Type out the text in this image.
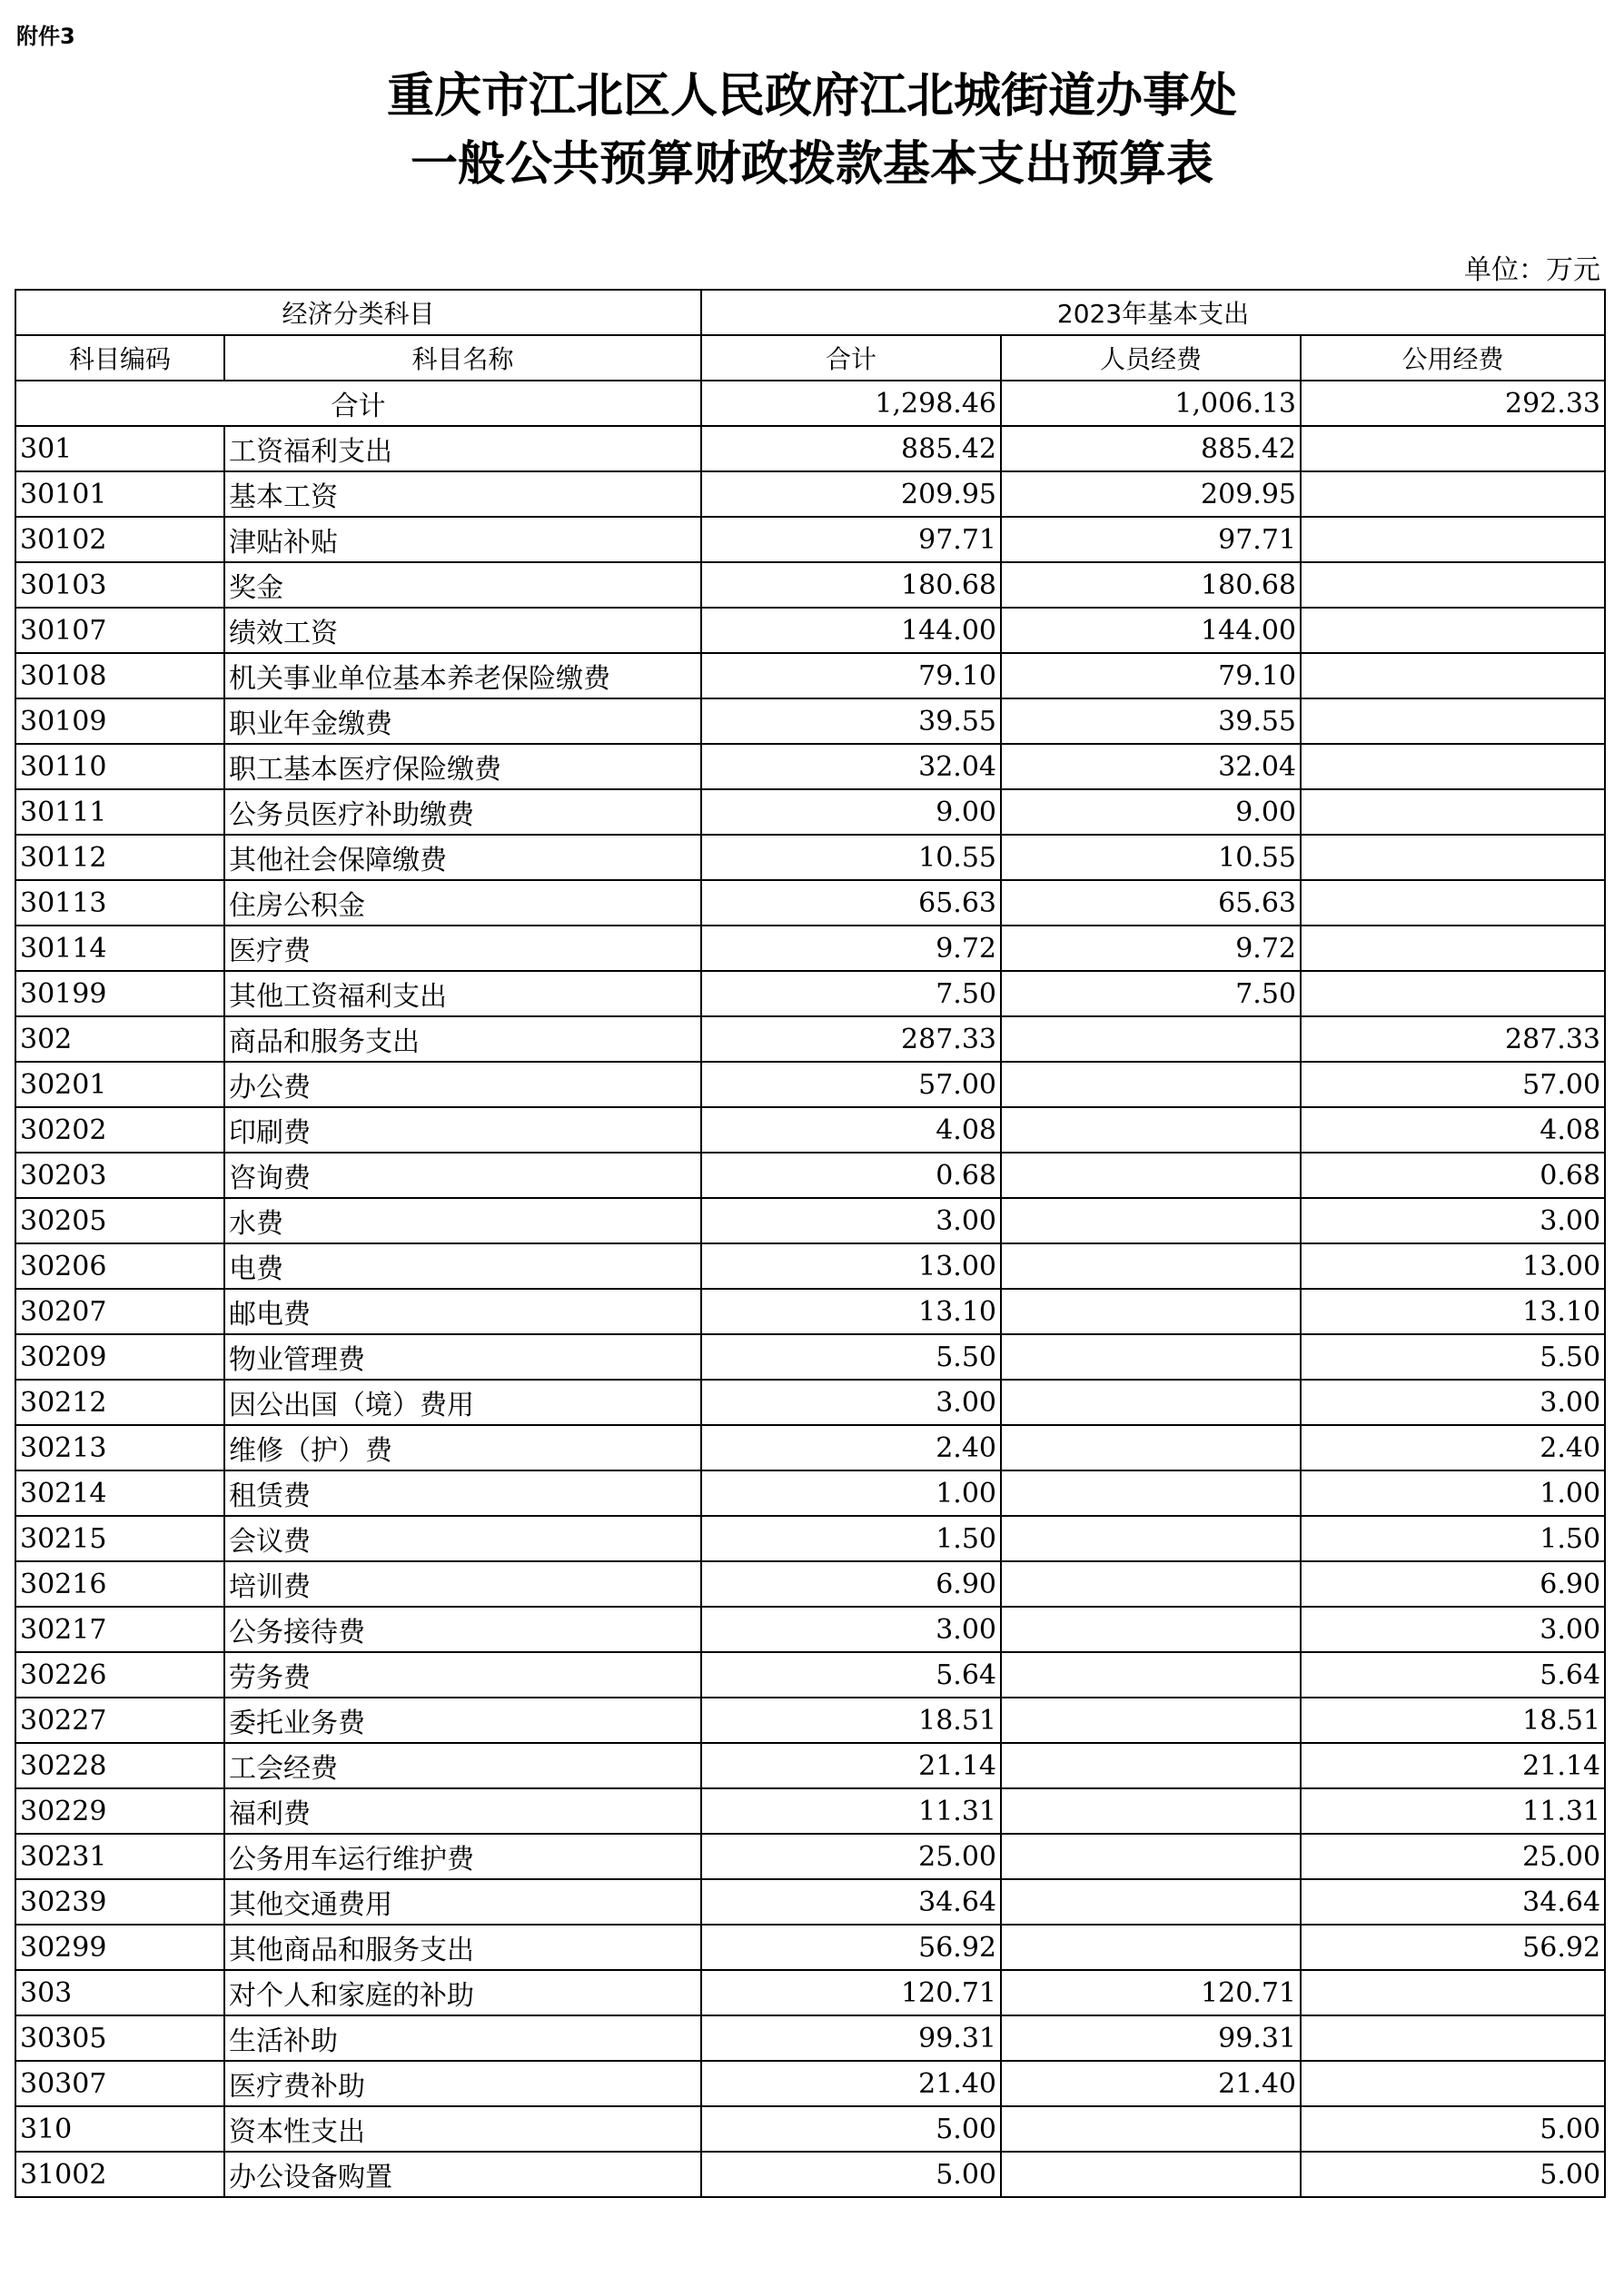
附件3
重庆市江北区人民政府江北城街道办事处
一般公共预算财政拨款基本支出预算表
单位：万元
经济分类科目		2023年基本支出		
科目编码	科目名称	合计	人员经费	公用经费
合计		1,298.46	1,006.13	292.33
301	工资福利支出	885.42	885.42	
30101	基本工资	209.95	209.95	
30102	津贴补贴	97.71	97.71	
30103	奖金	180.68	180.68	
30107	绩效工资	144.00	144.00	
30108	机关事业单位基本养老保险缴费	79.10	79.10	
30109	职业年金缴费	39.55	39.55	
30110	职工基本医疗保险缴费	32.04	32.04	
30111	公务员医疗补助缴费	9.00	9.00	
30112	其他社会保障缴费	10.55	10.55	
30113	住房公积金	65.63	65.63	
30114	医疗费	9.72	9.72	
30199	其他工资福利支出	7.50	7.50	
302	商品和服务支出	287.33		287.33
30201	办公费	57.00		57.00
30202	印刷费	4.08		4.08
30203	咨询费	0.68		0.68
30205	水费	3.00		3.00
30206	电费	13.00		13.00
30207	邮电费	13.10		13.10
30209	物业管理费	5.50		5.50
30212	因公出国（境）费用	3.00		3.00
30213	维修（护）费	2.40		2.40
30214	租赁费	1.00		1.00
30215	会议费	1.50		1.50
30216	培训费	6.90		6.90
30217	公务接待费	3.00		3.00
30226	劳务费	5.64		5.64
30227	委托业务费	18.51		18.51
30228	工会经费	21.14		21.14
30229	福利费	11.31		11.31
30231	公务用车运行维护费	25.00		25.00
30239	其他交通费用	34.64		34.64
30299	其他商品和服务支出	56.92		56.92
303	对个人和家庭的补助	120.71	120.71	
30305	生活补助	99.31	99.31	
30307	医疗费补助	21.40	21.40	
310	资本性支出	5.00		5.00
31002	办公设备购置	5.00		5.00
